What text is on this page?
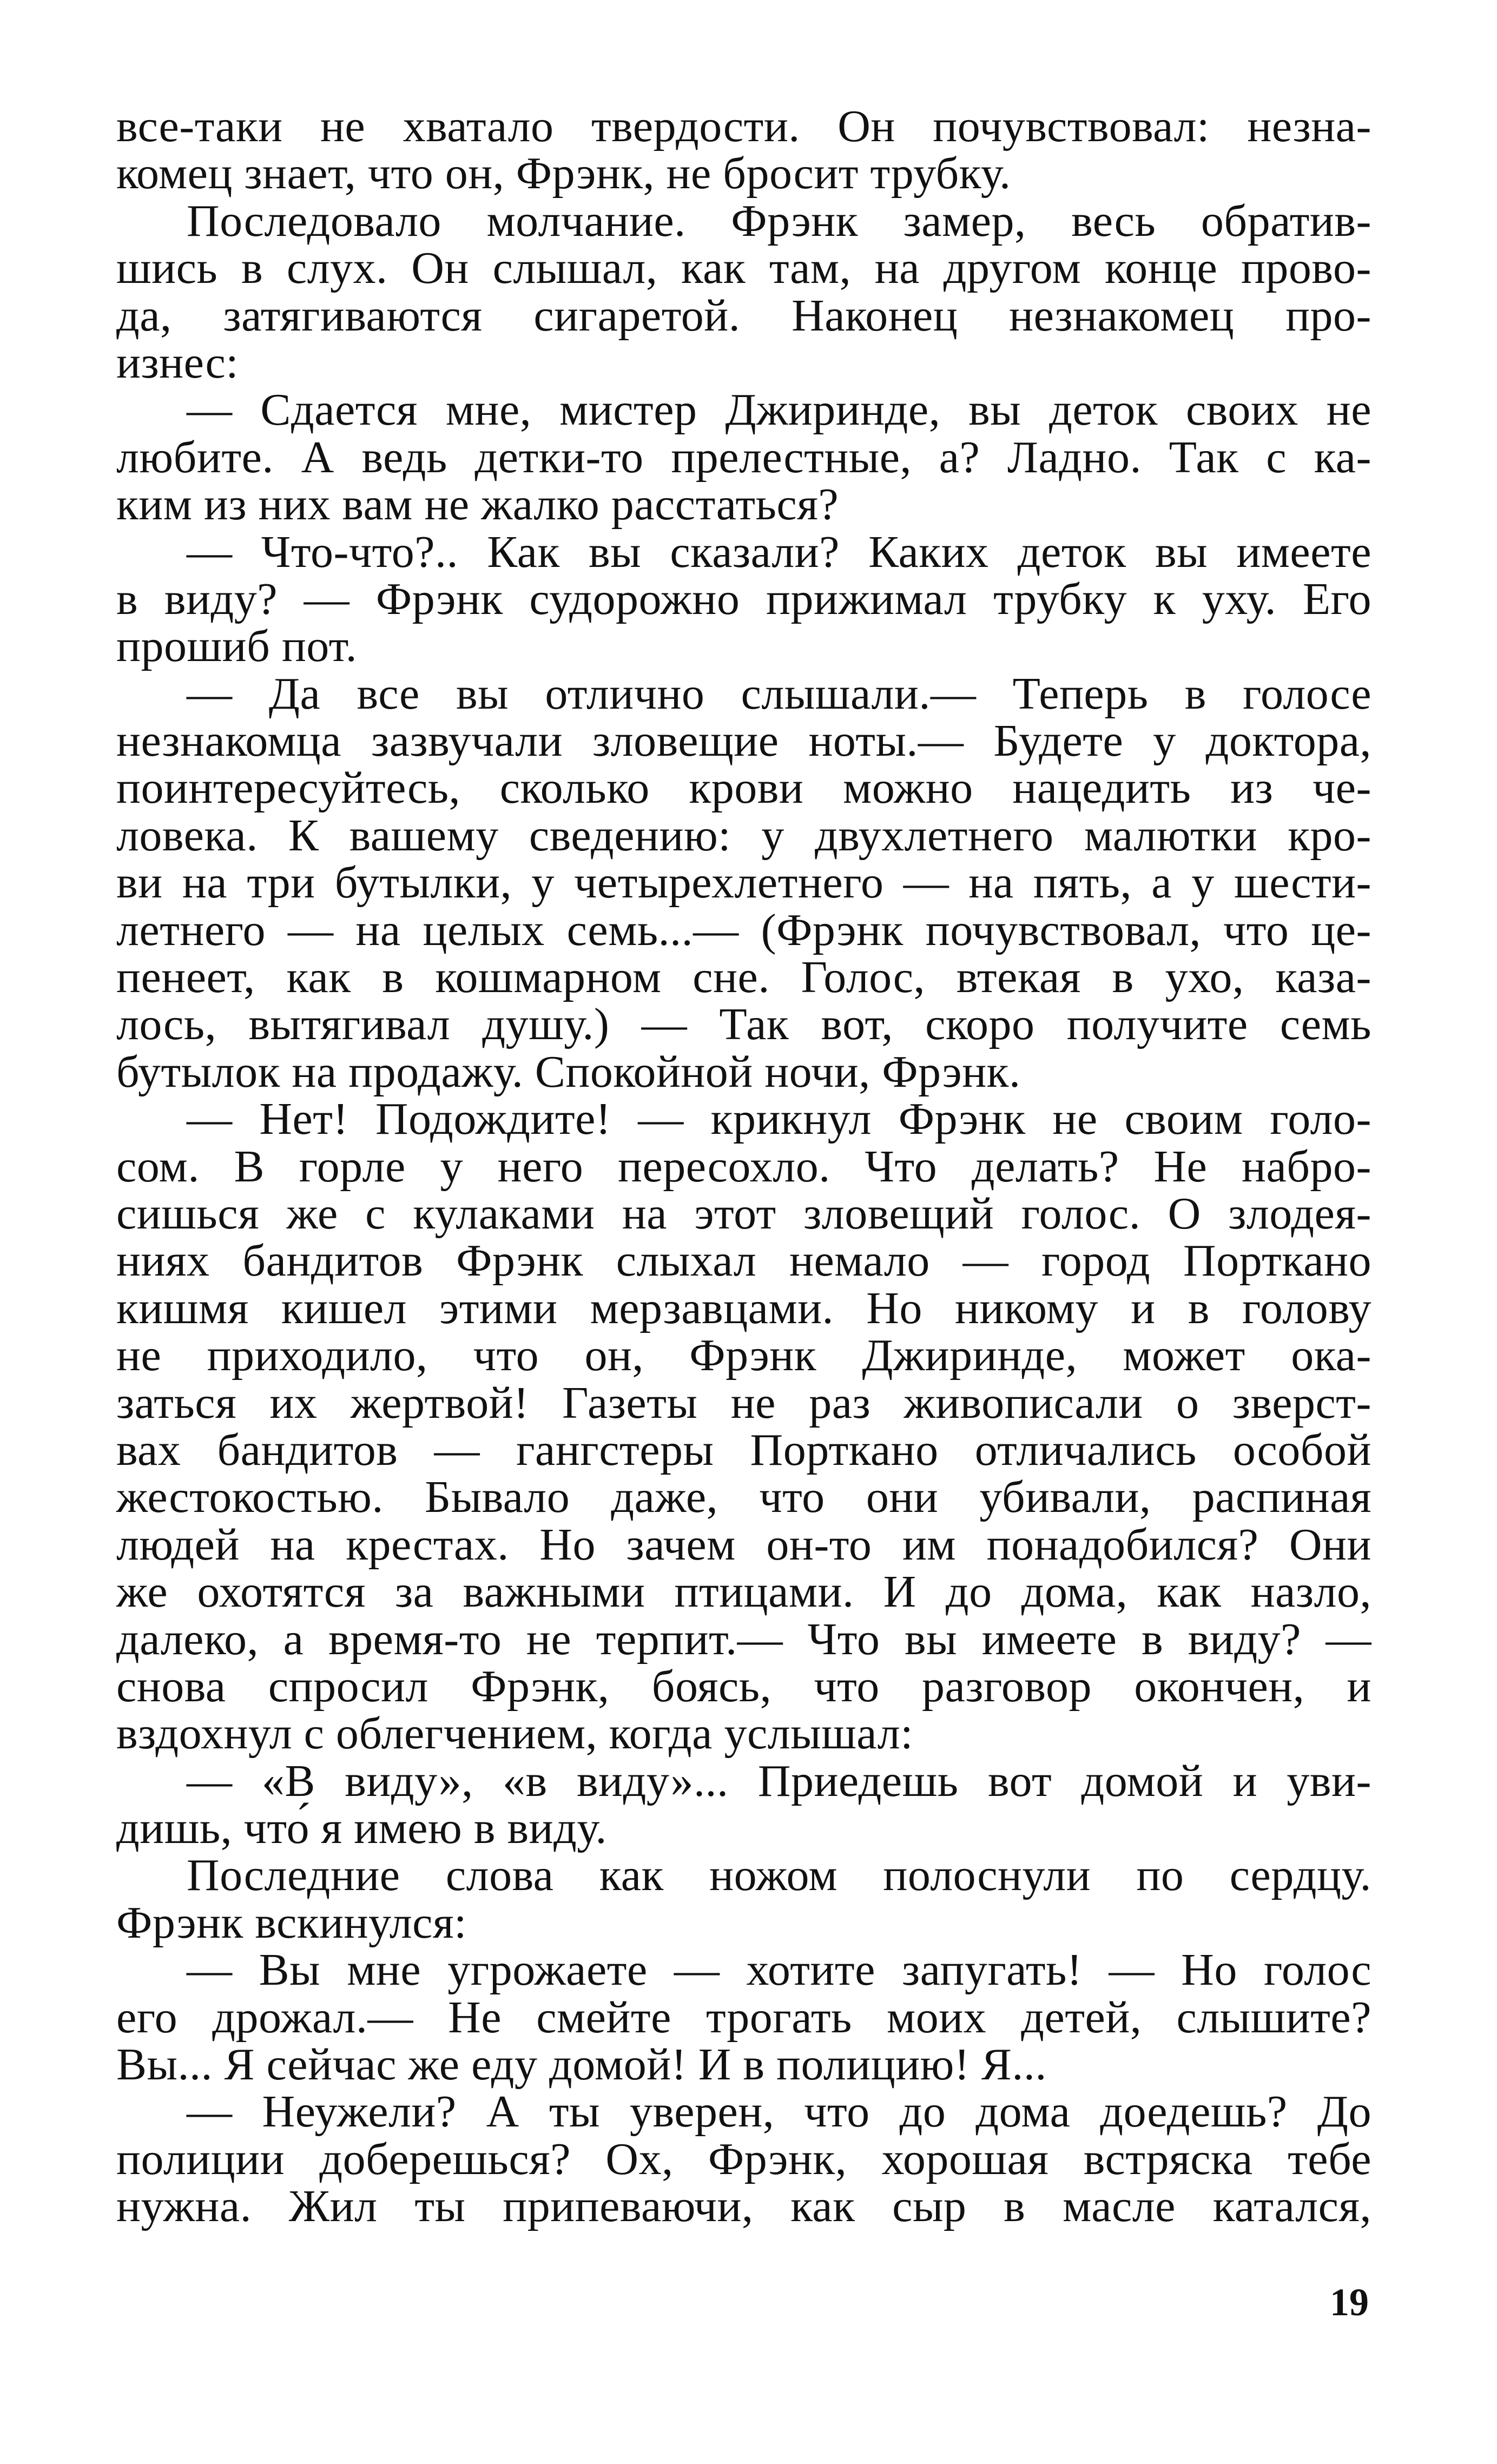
все-таки не хватало твердости. Он почувствовал: незна-
комец знает, что он, Фрэнк, не бросит трубку.
Последовало молчание. Фрэнк замер, весь обратив-
шись в слух. Он слышал, как там, на другом конце прово-
да, затягиваются сигаретой. Наконец незнакомец про-
изнес:
— Сдается мне, мистер Джиринде, вы деток своих не
любите. А ведь детки-то прелестные, а? Ладно. Так с ка-
ким из них вам не жалко расстаться?
— Что-что?.. Как вы сказали? Каких деток вы имеете
в виду? — Фрэнк судорожно прижимал трубку к уху. Его
прошиб пот.
— Да все вы отлично слышали.— Теперь в голосе
незнакомца зазвучали зловещие ноты.— Будете у доктора,
поинтересуйтесь, сколько крови можно нацедить из че-
ловека. К вашему сведению: у двухлетнего малютки кро-
ви на три бутылки, у четырехлетнего — на пять, а у шести-
летнего — на целых семь...— (Фрэнк почувствовал, что це-
пенеет, как в кошмарном сне. Голос, втекая в ухо, каза-
лось, вытягивал душу.) — Так вот, скоро получите семь
бутылок на продажу. Спокойной ночи, Фрэнк.
— Нет! Подождите! — крикнул Фрэнк не своим голо-
сом. В горле у него пересохло. Что делать? Не набро-
сишься же с кулаками на этот зловещий голос. О злодея-
ниях бандитов Фрэнк слыхал немало — город Порткано
кишмя кишел этими мерзавцами. Но никому и в голову
не приходило, что он, Фрэнк Джиринде, может ока-
заться их жертвой! Газеты не раз живописали о зверст-
вах бандитов — гангстеры Порткано отличались особой
жестокостью. Бывало даже, что они убивали, распиная
людей на крестах. Но зачем он-то им понадобился? Они
же охотятся за важными птицами. И до дома, как назло,
далеко, а время-то не терпит.— Что вы имеете в виду? —
снова спросил Фрэнк, боясь, что разговор окончен, и
вздохнул с облегчением, когда услышал:
— «В виду», «в виду»... Приедешь вот домой и уви-
дишь, что́ я имею в виду.
Последние слова как ножом полоснули по сердцу.
Фрэнк вскинулся:
— Вы мне угрожаете — хотите запугать! — Но голос
его дрожал.— Не смейте трогать моих детей, слышите?
Вы... Я сейчас же еду домой! И в полицию! Я...
— Неужели? А ты уверен, что до дома доедешь? До
полиции доберешься? Ох, Фрэнк, хорошая встряска тебе
нужна. Жил ты припеваючи, как сыр в масле катался,
19
